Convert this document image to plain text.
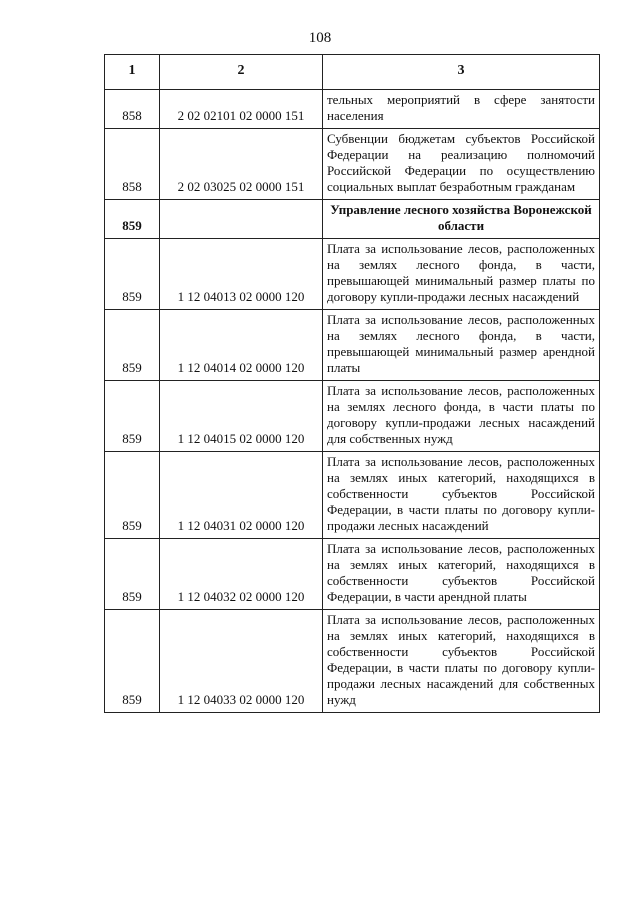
108
1	2	3
858	2 02 02101 02 0000 151	тельных мероприятий в сфере занятости населения
858	2 02 03025 02 0000 151	Субвенции бюджетам субъектов Российской Федерации на реализацию полномочий Российской Федерации по осуществлению социальных выплат безработным гражданам
859		Управление лесного хозяйства Воронежской области
859	1 12 04013 02 0000 120	Плата за использование лесов, расположенных на землях лесного фонда, в части, превышающей минимальный размер платы по договору купли-продажи лесных насаждений
859	1 12 04014 02 0000 120	Плата за использование лесов, расположенных на землях лесного фонда, в части, превышающей минимальный размер арендной платы
859	1 12 04015 02 0000 120	Плата за использование лесов, расположенных на землях лесного фонда, в части платы по договору купли-продажи лесных насаждений для собственных нужд
859	1 12 04031 02 0000 120	Плата за использование лесов, расположенных на землях иных категорий, находящихся в собственности субъектов Российской Федерации, в части платы по договору купли-продажи лесных насаждений
859	1 12 04032 02 0000 120	Плата за использование лесов, расположенных на землях иных категорий, находящихся в собственности субъектов Российской Федерации, в части арендной платы
859	1 12 04033 02 0000 120	Плата за использование лесов, расположенных на землях иных категорий, находящихся в собственности субъектов Российской Федерации, в части платы по договору купли-продажи лесных насаждений для собственных нужд
